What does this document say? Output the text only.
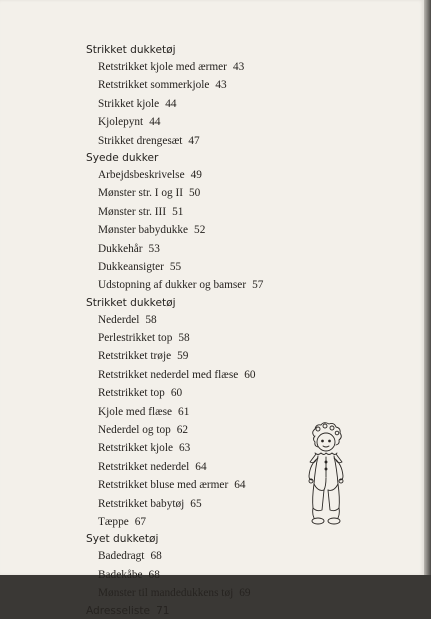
Strikket dukketøj
Retstrikket kjole med ærmer 43
Retstrikket sommerkjole 43
Strikket kjole 44
Kjolepynt 44
Strikket drengesæt 47
Syede dukker
Arbejdsbeskrivelse 49
Mønster str. I og II 50
Mønster str. III 51
Mønster babydukke 52
Dukkehår 53
Dukkeansigter 55
Udstopning af dukker og bamser 57
Strikket dukketøj
Nederdel 58
Perlestrikket top 58
Retstrikket trøje 59
Retstrikket nederdel med flæse 60
Retstrikket top 60
Kjole med flæse 61
Nederdel og top 62
Retstrikket kjole 63
Retstrikket nederdel 64
Retstrikket bluse med ærmer 64
Retstrikket babytøj 65
Tæppe 67
Syet dukketøj
Badedragt 68
Badekåbe 68
Mønster til mandedukkens tøj 69
Adresseliste 71
